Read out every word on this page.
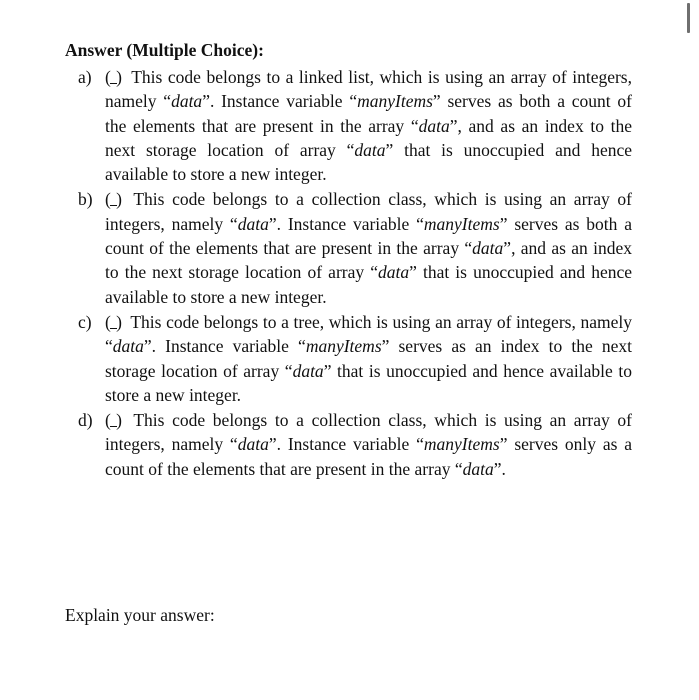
Answer (Multiple Choice):

a) (
) This code belongs to a linked list, which is using an array of integers, namely “data”. Instance variable “manyItems” serves as both a count of the elements that are present in the array “data”, and as an index to the next storage location of array “data” that is unoccupied and hence available to store a new integer.
b) (
) This code belongs to a collection class, which is using an array of integers, namely “data”. Instance variable “manyItems” serves as both a count of the elements that are present in the array “data”, and as an index to the next storage location of array “data” that is unoccupied and hence available to store a new integer.
c) (
) This code belongs to a tree, which is using an array of integers, namely “data”. Instance variable “manyItems” serves as an index to the next storage location of array “data” that is unoccupied and hence available to store a new integer.
d) (
) This code belongs to a collection class, which is using an array of integers, namely “data”. Instance variable “manyItems” serves only as a count of the elements that are present in the array “data”.

Explain your answer:
